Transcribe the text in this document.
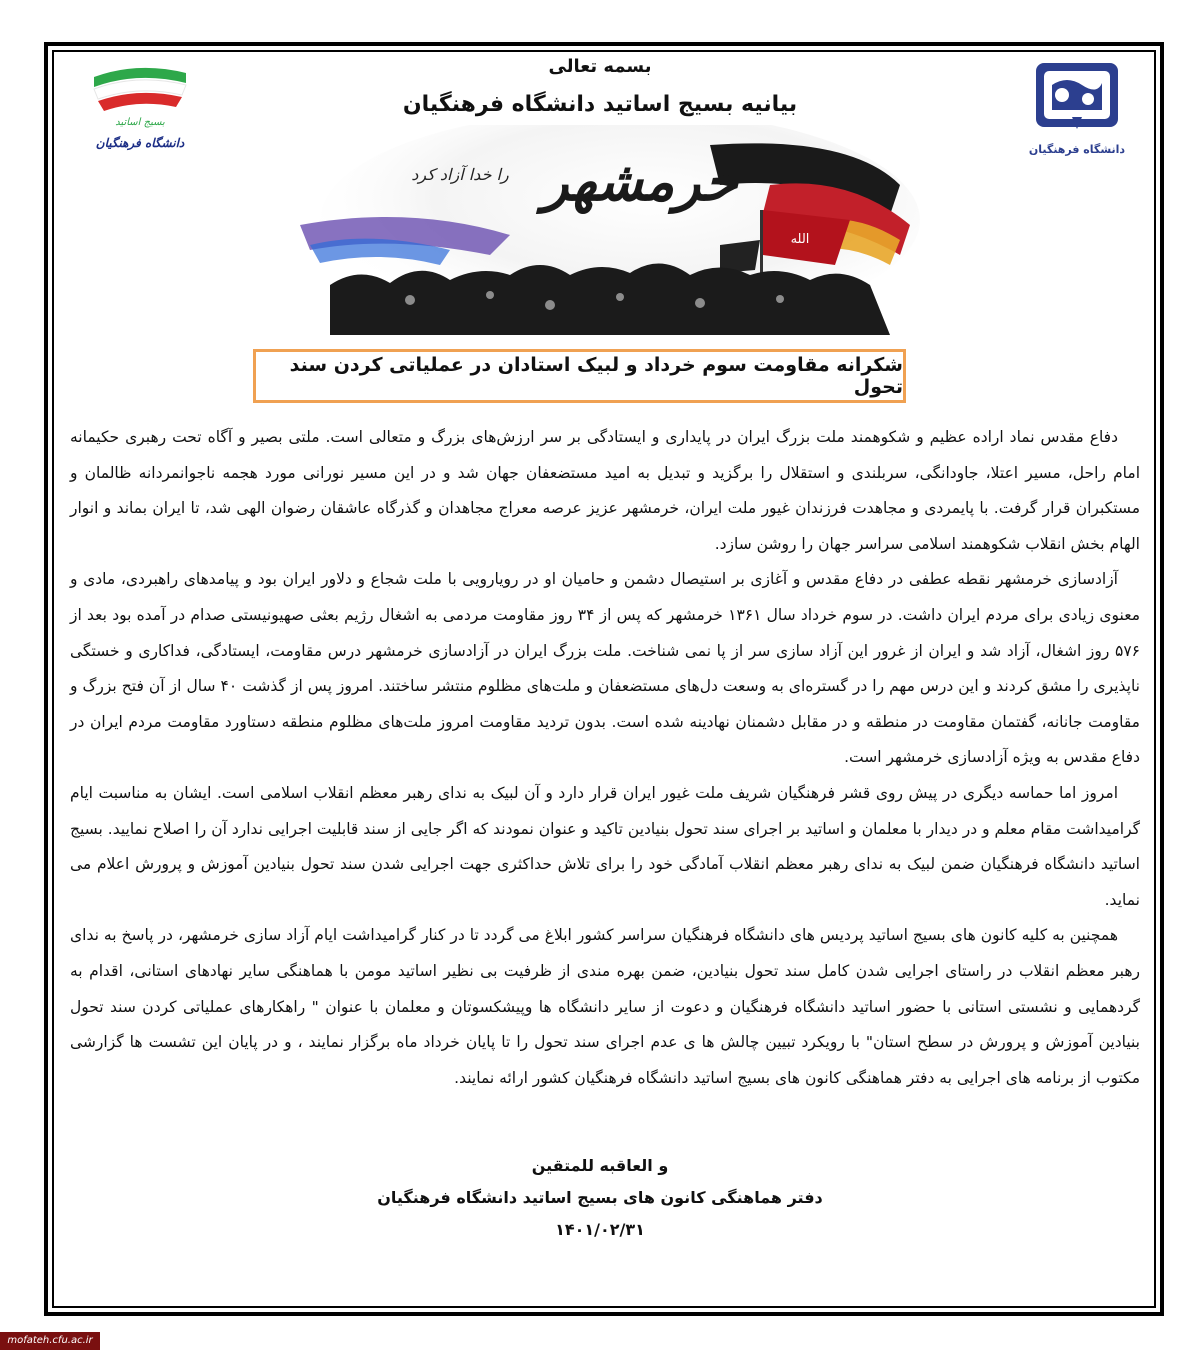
بسمه تعالی
بیانیه بسیج اساتید دانشگاه فرهنگیان
دانشگاه فرهنگیان
بسیج اساتید
دانشگاه فرهنگیان
الله
خرمشهر
را خدا آزاد کرد
شکرانه مقاومت سوم خرداد و لبیک استادان در عملیاتی کردن سند تحول

دفاع مقدس نماد اراده عظیم و شکوهمند ملت بزرگ ایران در پایداری و ایستادگی بر سر ارزش‌های بزرگ و متعالی است. ملتی بصیر و آگاه تحت رهبری حکیمانه امام راحل، مسیر اعتلا، جاودانگی، سربلندی و استقلال را برگزید و تبدیل به امید مستضعفان جهان شد و در این مسیر نورانی مورد هجمه ناجوانمردانه ظالمان و مستکبران قرار گرفت. با پایمردی و مجاهدت فرزندان غیور ملت ایران، خرمشهر عزیز عرصه معراج مجاهدان و گذرگاه عاشقان رضوان الهی شد، تا ایران بماند و انوار الهام بخش انقلاب شکوهمند اسلامی سراسر جهان را روشن سازد.

آزادسازی خرمشهر نقطه عطفی در دفاع مقدس و آغازی بر استیصال دشمن و حامیان او در رویارویی با ملت شجاع و دلاور ایران بود و پیامدهای راهبردی، مادی و معنوی زیادی برای مردم ایران داشت. در سوم خرداد سال ۱۳۶۱ خرمشهر که پس از ۳۴ روز مقاومت مردمی به اشغال رژیم بعثی صهیونیستی صدام در آمده بود بعد از ۵۷۶ روز اشغال، آزاد شد و ایران از غرور این آزاد سازی سر از پا نمی شناخت. ملت بزرگ ایران در آزادسازی خرمشهر درس مقاومت، ایستادگی، فداکاری و خستگی ناپذیری را مشق کردند و این درس مهم را در گستره‌ای به وسعت دل‌های مستضعفان و ملت‌های مظلوم منتشر ساختند. امروز پس از گذشت ۴۰ سال از آن فتح بزرگ و مقاومت جانانه، گفتمان مقاومت در منطقه و در مقابل دشمنان نهادینه شده است. بدون تردید مقاومت امروز ملت‌های مظلوم منطقه دستاورد مقاومت مردم ایران در دفاع مقدس به ویژه آزادسازی خرمشهر است.

امروز اما حماسه دیگری در پیش روی قشر فرهنگیان شریف ملت غیور ایران قرار دارد و آن لبیک به ندای رهبر معظم انقلاب اسلامی است. ایشان به مناسبت ایام گرامیداشت مقام معلم و در دیدار با معلمان و اساتید بر اجرای سند تحول بنیادین تاکید و عنوان نمودند که اگر جایی از سند قابلیت اجرایی ندارد آن را اصلاح نمایید. بسیج اساتید دانشگاه فرهنگیان ضمن لبیک به ندای رهبر معظم انقلاب آمادگی خود را برای تلاش حداکثری جهت اجرایی شدن سند تحول بنیادین آموزش و پرورش اعلام می نماید.

همچنین به کلیه کانون های بسیج اساتید پردیس های دانشگاه فرهنگیان سراسر کشور ابلاغ می گردد تا در کنار گرامیداشت ایام آزاد سازی خرمشهر، در پاسخ به ندای رهبر معظم انقلاب در راستای اجرایی شدن کامل سند تحول بنیادین، ضمن بهره مندی از ظرفیت بی نظیر اساتید مومن با هماهنگی سایر نهادهای استانی، اقدام به گردهمایی و نشستی استانی با حضور اساتید دانشگاه فرهنگیان و دعوت از سایر دانشگاه ها وپیشکسوتان و معلمان با عنوان " راهکارهای عملیاتی کردن سند تحول بنیادین آموزش و پرورش در سطح استان" با رویکرد تبیین چالش ها ی عدم اجرای سند تحول را تا پایان خرداد ماه برگزار نمایند ، و در پایان این تشست ها گزارشی مکتوب از برنامه های اجرایی به دفتر هماهنگی کانون های بسیج اساتید دانشگاه فرهنگیان کشور ارائه نمایند.

و العاقبه للمتقین
دفتر هماهنگی کانون های بسیج اساتید دانشگاه فرهنگیان
۱۴۰۱/۰۲/۳۱
mofateh.cfu.ac.ir
